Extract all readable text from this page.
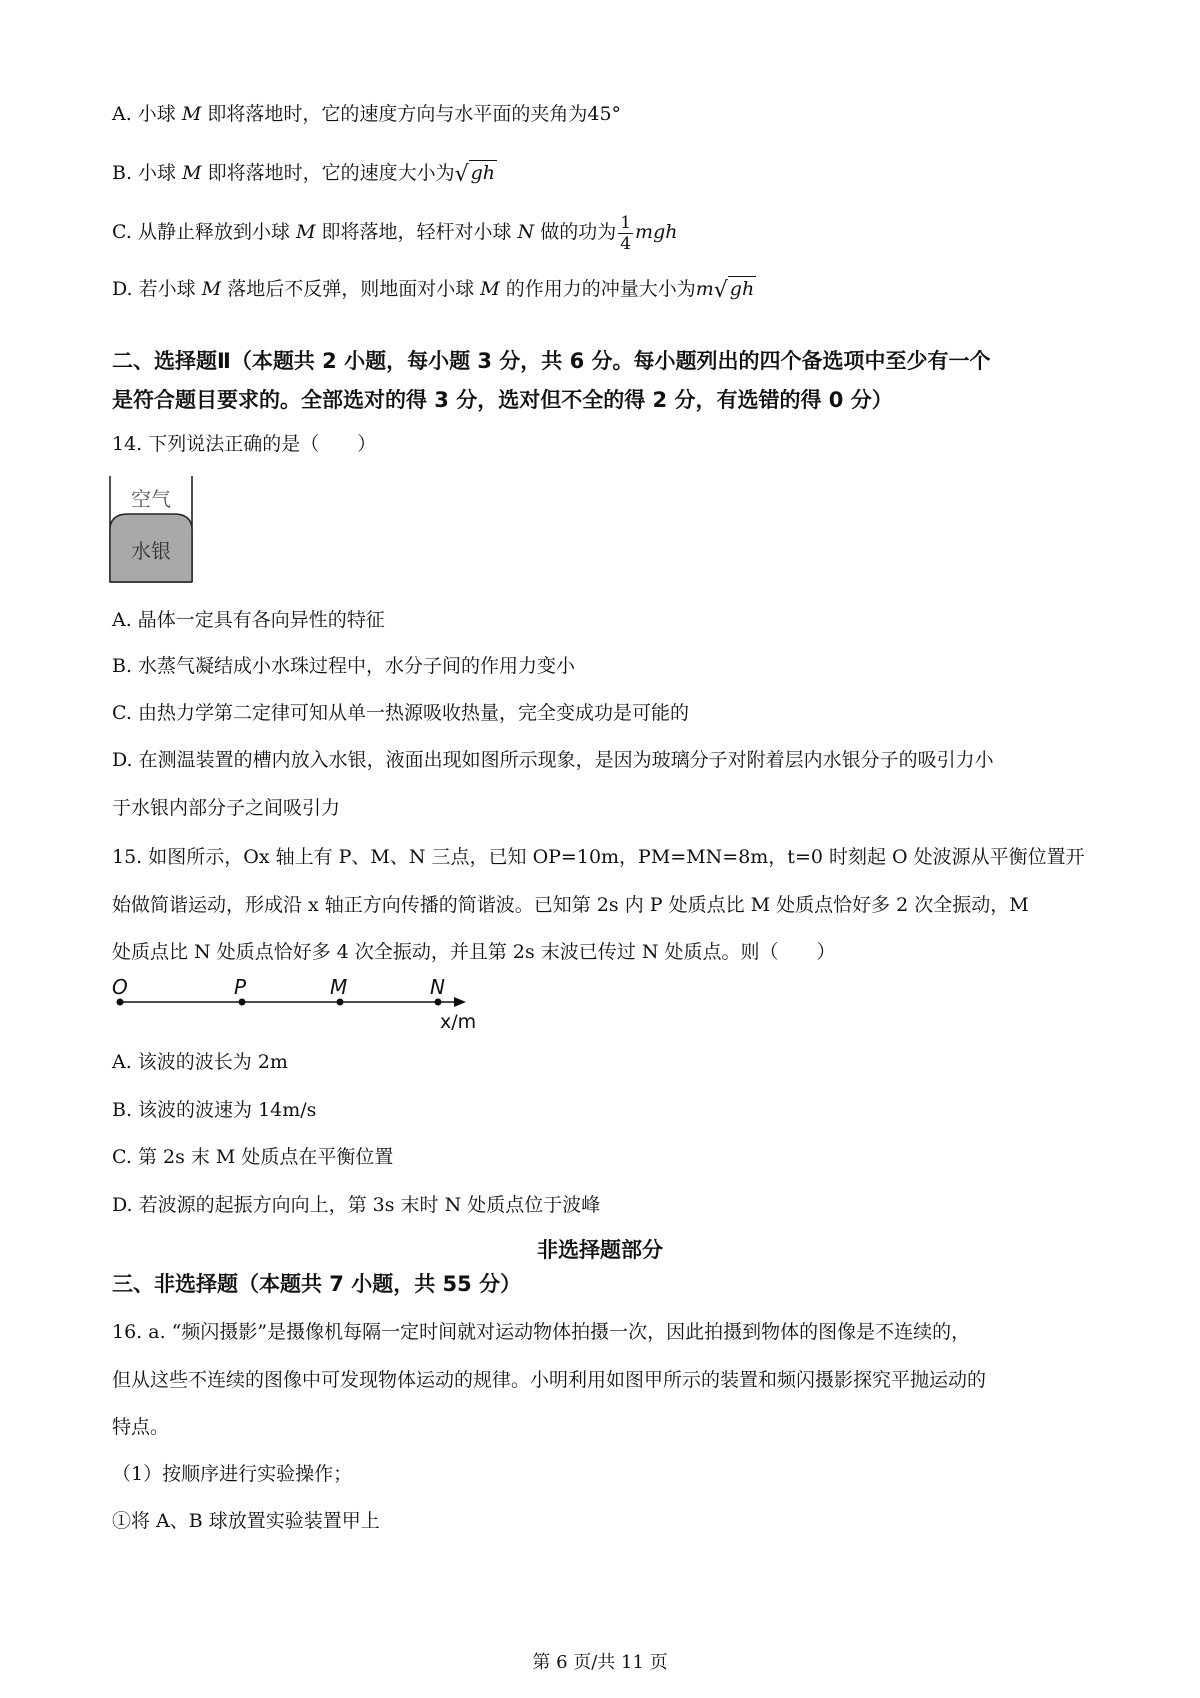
A. 小球 M 即将落地时，它的速度方向与水平面的夹角为45°
B. 小球 M 即将落地时，它的速度大小为 √ gh
C. 从静止释放到小球 M 即将落地，轻杆对小球 N 做的功为 $\frac{1}{4}$ mgh
D. 若小球 M 落地后不反弹，则地面对小球 M 的作用力的冲量大小为m √ gh
二、选择题Ⅱ（本题共 2 小题，每小题 3 分，共 6 分。每小题列出的四个备选项中至少有一个
是符合题目要求的。全部选对的得 3 分，选对但不全的得 2 分，有选错的得 0 分）
14. 下列说法正确的是（　　）
空气
水银
A. 晶体一定具有各向异性的特征
B. 水蒸气凝结成小水珠过程中，水分子间的作用力变小
C. 由热力学第二定律可知从单一热源吸收热量，完全变成功是可能的
D. 在测温装置的槽内放入水银，液面出现如图所示现象，是因为玻璃分子对附着层内水银分子的吸引力小
于水银内部分子之间吸引力
15. 如图所示，Ox 轴上有 P、M、N 三点，已知 OP=10m，PM=MN=8m，t=0 时刻起 O 处波源从平衡位置开
始做简谐运动，形成沿 x 轴正方向传播的简谐波。已知第 2s 内 P 处质点比 M 处质点恰好多 2 次全振动，M
处质点比 N 处质点恰好多 4 次全振动，并且第 2s 末波已传过 N 处质点。则（　　）
O	P	M	N
x/m
A. 该波的波长为 2m
B. 该波的波速为 14m/s
C. 第 2s 末 M 处质点在平衡位置
D. 若波源的起振方向向上，第 3s 末时 N 处质点位于波峰
非选择题部分
三、非选择题（本题共 7 小题，共 55 分）
16. a. “频闪摄影”是摄像机每隔一定时间就对运动物体拍摄一次，因此拍摄到物体的图像是不连续的，
但从这些不连续的图像中可发现物体运动的规律。小明利用如图甲所示的装置和频闪摄影探究平抛运动的
特点。
（1）按顺序进行实验操作；
①将 A、B 球放置实验装置甲上
第 6 页/共 11 页
